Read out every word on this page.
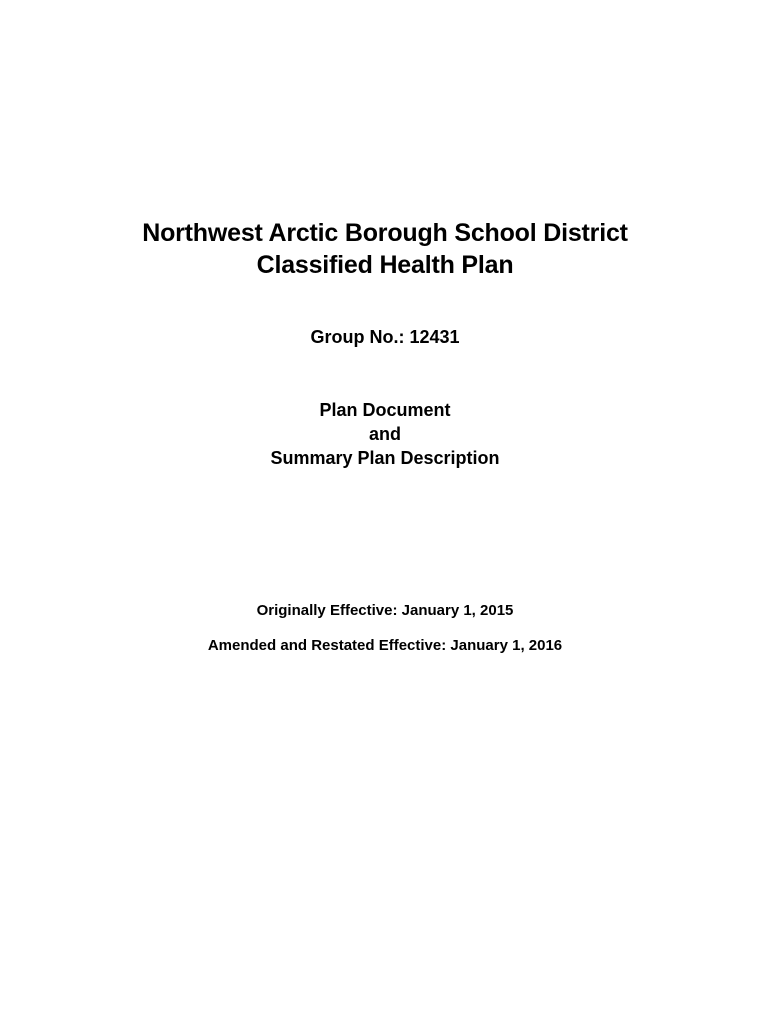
Northwest Arctic Borough School District
Classified Health Plan
Group No.: 12431
Plan Document
and
Summary Plan Description
Originally Effective: January 1, 2015
Amended and Restated Effective: January 1, 2016
